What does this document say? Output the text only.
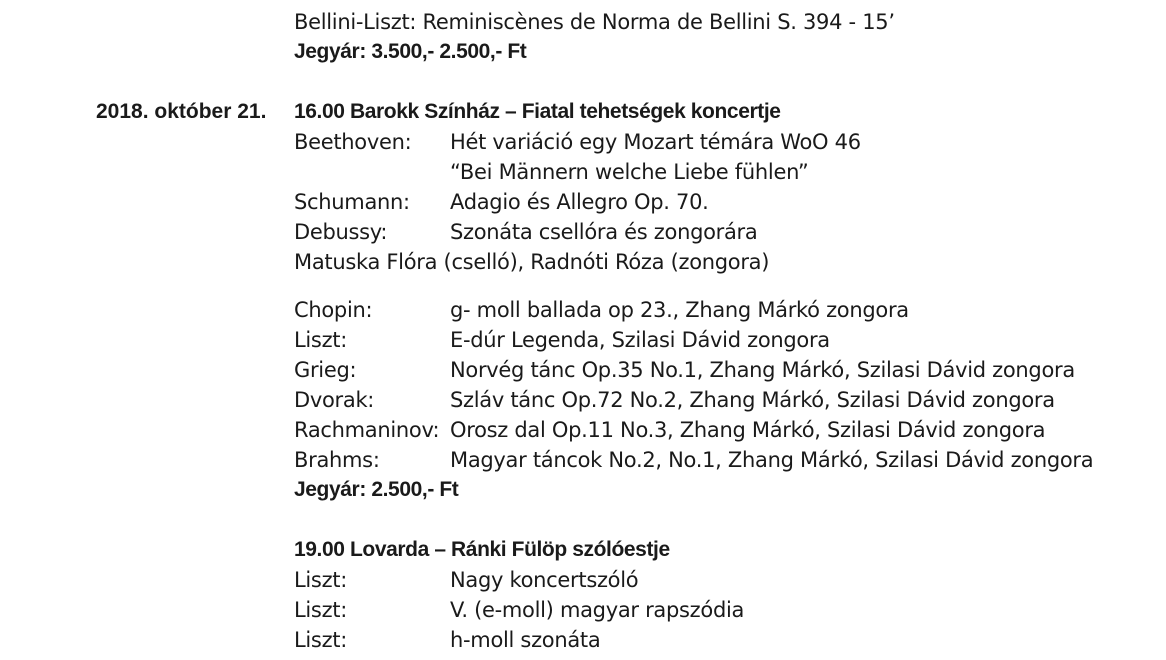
Bellini-Liszt: Reminiscènes de Norma de Bellini S. 394 - 15’
Jegyár: 3.500,- 2.500,- Ft
2018. október 21. 16.00 Barokk Színház – Fiatal tehetségek koncertje
Beethoven: Hét variáció egy Mozart témára WoO 46
“Bei Männern welche Liebe fühlen”
Schumann: Adagio és Allegro Op. 70.
Debussy:	Szonáta csellóra és zongorára
Matuska Flóra (cselló), Radnóti Róza (zongora)
Chopin:	g- moll ballada op 23., Zhang Márkó zongora
Liszt:	E-dúr Legenda, Szilasi Dávid zongora
Grieg:	Norvég tánc Op.35 No.1, Zhang Márkó, Szilasi Dávid zongora
Dvorak:	Szláv tánc Op.72 No.2, Zhang Márkó, Szilasi Dávid zongora
Rachmaninov: Orosz dal Op.11 No.3, Zhang Márkó, Szilasi Dávid zongora
Brahms:	Magyar táncok No.2, No.1, Zhang Márkó, Szilasi Dávid zongora
Jegyár: 2.500,- Ft
19.00 Lovarda – Ránki Fülöp szólóestje
Liszt:	Nagy koncertszóló
Liszt:	V. (e-moll) magyar rapszódia
Liszt:	h-moll szonáta
